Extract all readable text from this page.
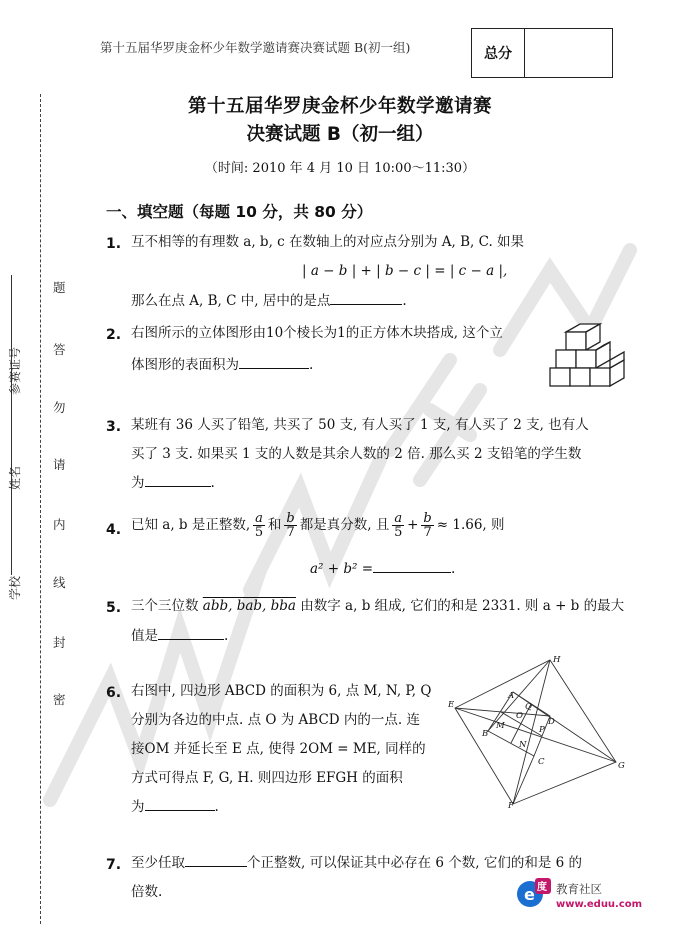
第十五届华罗庚金杯少年数学邀请赛决赛试题 B(初一组)	总分
学校
姓名
参赛证号
题
答
勿
请
内
线
封
密
第十五届华罗庚金杯少年数学邀请赛
决赛试题 B（初一组）
（时间: 2010 年 4 月 10 日 10:00～11:30）
一、填空题（每题 10 分，共 80 分）
1. 互不相等的有理数 a, b, c 在数轴上的对应点分别为 A, B, C. 如果
| a − b | + | b − c | = | c − a |,
那么在点 A, B, C 中, 居中的是点	.
2. 右图所示的立体图形由10个棱长为1的正方体木块搭成, 这个立
体图形的表面积为	.
3. 某班有 36 人买了铅笔, 共买了 50 支, 有人买了 1 支, 有人买了 2 支, 也有人
买了 3 支. 如果买 1 支的人数是其余人数的 2 倍. 那么买 2 支铅笔的学生数
为	.
4. 已知 a, b 是正整数, $\frac{a}{5}$ 和 $\frac{b}{7}$ 都是真分数, 且 $\frac{a}{5} + \frac{b}{7} \approx 1.66$, 则
a² + b² =	.
5. 三个三位数 abb, bab, bba 由数字 a, b 组成, 它们的和是 2331. 则 a + b 的最大
值是	.
6. 右图中, 四边形 ABCD 的面积为 6, 点 M, N, P, Q
分别为各边的中点. 点 O 为 ABCD 内的一点. 连
接OM 并延长至 E 点, 使得 2OM = ME, 同样的
方式可得点 F, G, H. 则四边形 EFGH 的面积
为	.
H
A
Q
O
D
E
B
M
N
P
C	G
F
7. 至少任取	个正整数, 可以保证其中必存在 6 个数, 它们的和是 6 的
倍数.	e 度 教育社区
www.eduu.com
